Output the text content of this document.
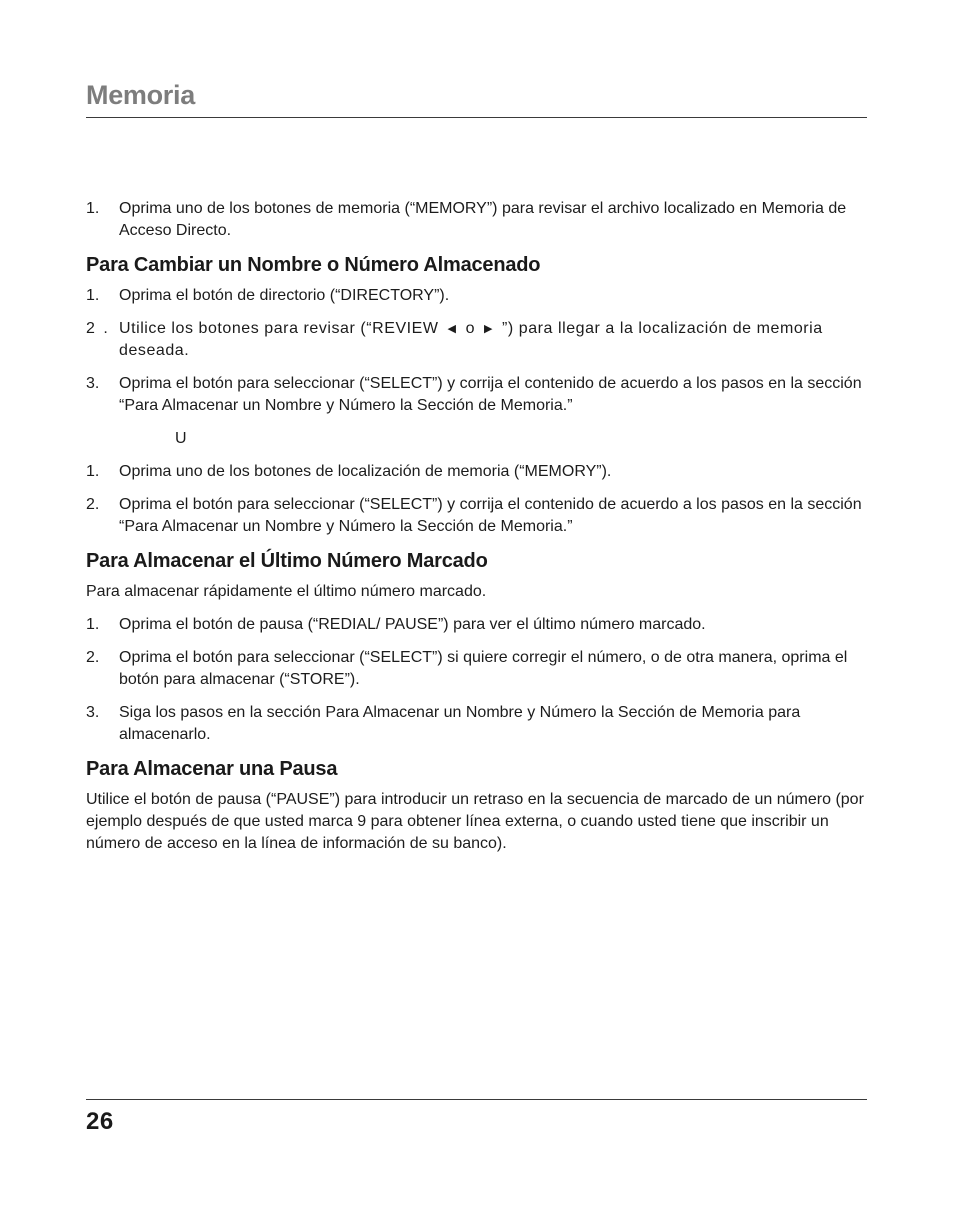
Memoria
1. Oprima uno de los botones de memoria (“MEMORY”) para revisar el archivo localizado en Memoria de Acceso Directo.
Para Cambiar un Nombre o Número Almacenado
1. Oprima el botón de directorio (“DIRECTORY”).
2 . Utilice los botones para revisar (“REVIEW ◀ o ▶ ”) para llegar a la localización de memoria deseada.
3. Oprima el botón para seleccionar (“SELECT”) y corrija el contenido de acuerdo a los pasos en la sección “Para Almacenar un Nombre y Número la Sección de Memoria.”
U
1. Oprima uno de los botones de localización de memoria (“MEMORY”).
2. Oprima el botón para seleccionar (“SELECT”) y corrija el contenido de acuerdo a los pasos en la sección “Para Almacenar un Nombre y Número la Sección de Memoria.”
Para Almacenar el Último Número Marcado

Para almacenar rápidamente el último número marcado.

1. Oprima el botón de pausa (“REDIAL/ PAUSE”) para ver el último número marcado.
2. Oprima el botón para seleccionar (“SELECT”) si quiere corregir el número, o de otra manera, oprima el botón para almacenar (“STORE”).
3. Siga los pasos en la sección Para Almacenar un Nombre y Número la Sección de Memoria para almacenarlo.
Para Almacenar una Pausa

Utilice el botón de pausa (“PAUSE”) para introducir un retraso en la secuencia de marcado de un número (por ejemplo después de que usted marca 9 para obtener línea externa, o cuando usted tiene que inscribir un número de acceso en la línea de información de su banco).

26
